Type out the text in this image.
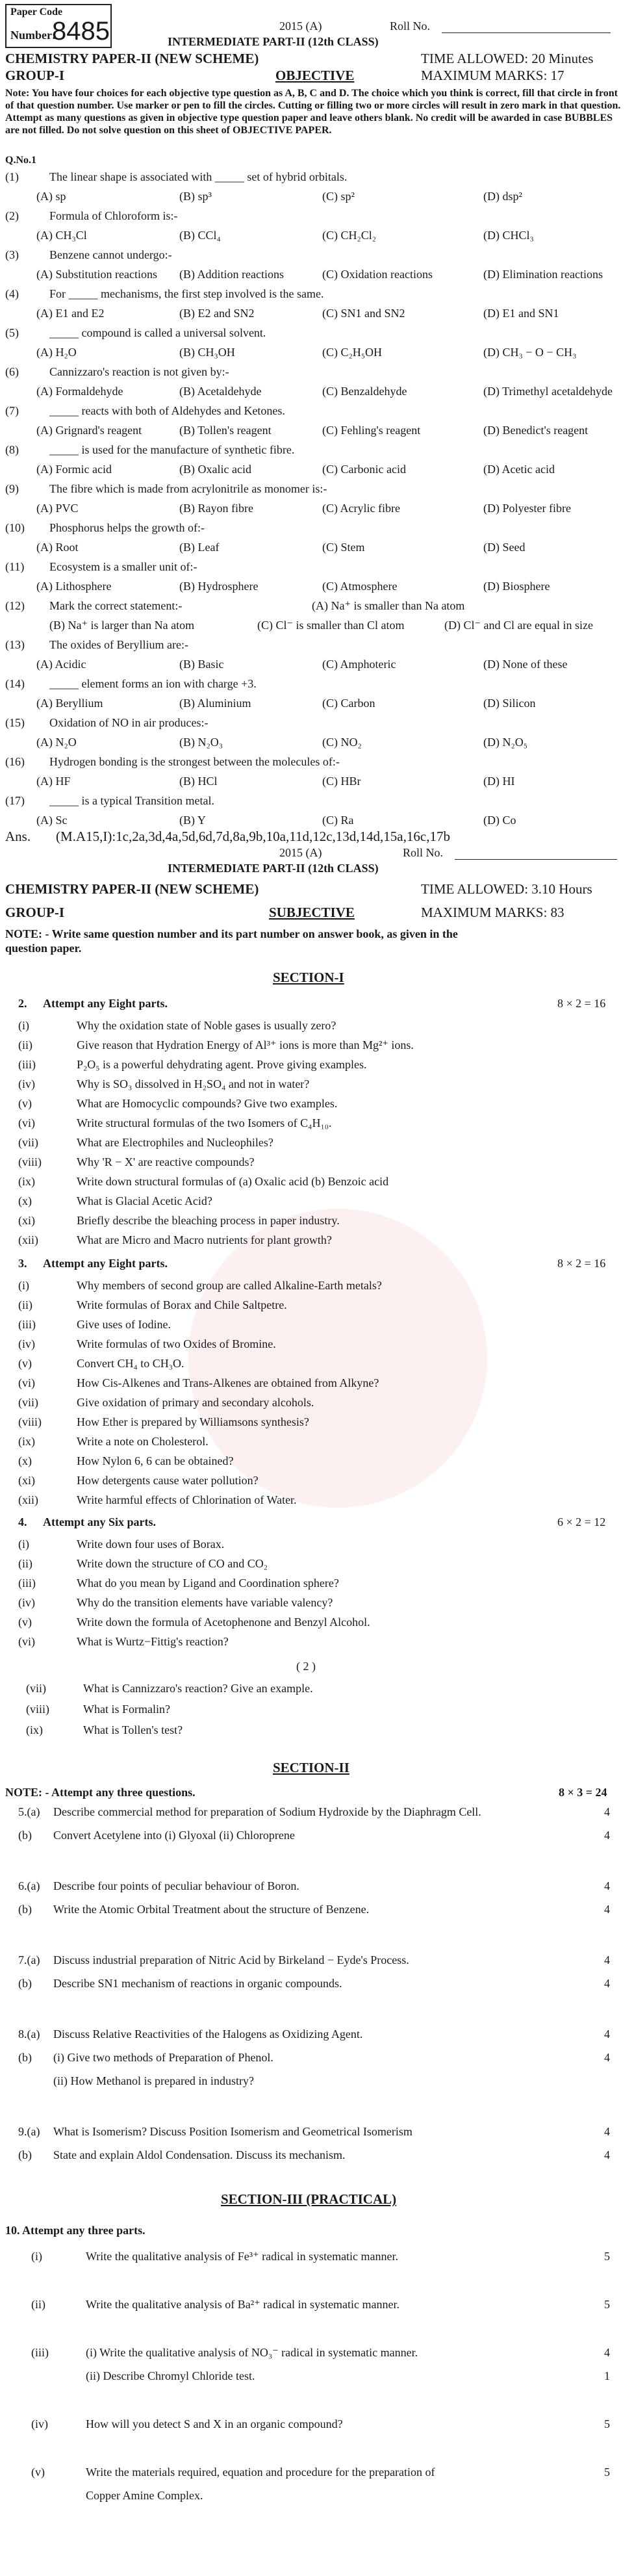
Paper Code
Number:
8485	2015 (A)	Roll No.
INTERMEDIATE PART-II (12th CLASS)
CHEMISTRY PAPER-II (NEW SCHEME)	TIME ALLOWED: 20 Minutes
GROUP-I	OBJECTIVE	MAXIMUM MARKS: 17
Note: You have four choices for each objective type question as A, B, C and D. The choice which you think is correct, fill that circle in front of that question number. Use marker or pen to fill the circles. Cutting or filling two or more circles will result in zero mark in that question. Attempt as many questions as given in objective type question paper and leave others blank. No credit will be awarded in case BUBBLES are not filled. Do not solve question on this sheet of OBJECTIVE PAPER.
Q.No.1
(1)	The linear shape is associated with _____ set of hybrid orbitals.
(A) sp	(B) sp³	(C) sp²	(D) dsp²
(2)	Formula of Chloroform is:-
(A) CH₃Cl	(B) CCl₄	(C) CH₂Cl₂	(D) CHCl₃
(3)	Benzene cannot undergo:-
(A) Substitution reactions (B) Addition reactions	(C) Oxidation reactions	(D) Elimination reactions
(4)	For _____ mechanisms, the first step involved is the same.
(A) E1 and E2	(B) E2 and SN2	(C) SN1 and SN2	(D) E1 and SN1
(5)	_____ compound is called a universal solvent.
(A) H₂O	(B) CH₃OH	(C) C₂H₅OH	(D) CH₃ − O − CH₃
(6)	Cannizzaro's reaction is not given by:-
(A) Formaldehyde	(B) Acetaldehyde	(C) Benzaldehyde	(D) Trimethyl acetaldehyde
(7)	_____ reacts with both of Aldehydes and Ketones.
(A) Grignard's reagent	(B) Tollen's reagent	(C) Fehling's reagent	(D) Benedict's reagent
(8)	_____ is used for the manufacture of synthetic fibre.
(A) Formic acid	(B) Oxalic acid	(C) Carbonic acid	(D) Acetic acid
(9)	The fibre which is made from acrylonitrile as monomer is:-
(A) PVC	(B) Rayon fibre	(C) Acrylic fibre	(D) Polyester fibre
(10) Phosphorus helps the growth of:-
(A) Root	(B) Leaf	(C) Stem	(D) Seed
(11) Ecosystem is a smaller unit of:-
(A) Lithosphere	(B) Hydrosphere	(C) Atmosphere	(D) Biosphere
(12) Mark the correct statement:-	(A) Na⁺ is smaller than Na atom
(B) Na⁺ is larger than Na atom	(C) Cl⁻ is smaller than Cl atom	(D) Cl⁻ and Cl are equal in size
(13) The oxides of Beryllium are:-
(A) Acidic	(B) Basic	(C) Amphoteric	(D) None of these
(14) _____ element forms an ion with charge +3.
(A) Beryllium	(B) Aluminium	(C) Carbon	(D) Silicon
(15) Oxidation of NO in air produces:-
(A) N₂O	(B) N₂O₃	(C) NO₂	(D) N₂O₅
(16) Hydrogen bonding is the strongest between the molecules of:-
(A) HF	(B) HCl	(C) HBr	(D) HI
(17) _____ is a typical Transition metal.
(A) Sc	(B) Y	(C) Ra	(D) Co
Ans. (M.A15,I):1c,2a,3d,4a,5d,6d,7d,8a,9b,10a,11d,12c,13d,14d,15a,16c,17b
2015 (A)	Roll No.
INTERMEDIATE PART-II (12th CLASS)
CHEMISTRY PAPER-II (NEW SCHEME)	TIME ALLOWED: 3.10 Hours
GROUP-I	SUBJECTIVE	MAXIMUM MARKS: 83
NOTE: - Write same question number and its part number on answer book, as given in the question paper.
SECTION-I
2. Attempt any Eight parts.	8 × 2 = 16
(i)	Why the oxidation state of Noble gases is usually zero?
(ii)	Give reason that Hydration Energy of Al³⁺ ions is more than Mg²⁺ ions.
(iii)	P₂O₅ is a powerful dehydrating agent. Prove giving examples.
(iv)	Why is SO₃ dissolved in H₂SO₄ and not in water?
(v)	What are Homocyclic compounds? Give two examples.
(vi)	Write structural formulas of the two Isomers of C₄H₁₀.
(vii)	What are Electrophiles and Nucleophiles?
(viii)	Why 'R − X' are reactive compounds?
(ix)	Write down structural formulas of (a) Oxalic acid (b) Benzoic acid
(x)	What is Glacial Acetic Acid?
(xi)	Briefly describe the bleaching process in paper industry.
(xii)	What are Micro and Macro nutrients for plant growth?
3. Attempt any Eight parts.	8 × 2 = 16
(i)	Why members of second group are called Alkaline-Earth metals?
(ii)	Write formulas of Borax and Chile Saltpetre.
(iii)	Give uses of Iodine.
(iv)	Write formulas of two Oxides of Bromine.
(v)	Convert CH₄ to CH₃O.
(vi)	How Cis-Alkenes and Trans-Alkenes are obtained from Alkyne?
(vii)	Give oxidation of primary and secondary alcohols.
(viii)	How Ether is prepared by Williamsons synthesis?
(ix)	Write a note on Cholesterol.
(x)	How Nylon 6, 6 can be obtained?
(xi)	How detergents cause water pollution?
(xii)	Write harmful effects of Chlorination of Water.
4. Attempt any Six parts.	6 × 2 = 12
(i)	Write down four uses of Borax.
(ii)	Write down the structure of CO and CO₂
(iii)	What do you mean by Ligand and Coordination sphere?
(iv)	Why do the transition elements have variable valency?
(v)	Write down the formula of Acetophenone and Benzyl Alcohol.
(vi)	What is Wurtz−Fittig's reaction?
( 2 )
(vii)	What is Cannizzaro's reaction? Give an example.
(viii)	What is Formalin?
(ix)	What is Tollen's test?
SECTION-II
NOTE: - Attempt any three questions.	8 × 3 = 24
5.(a) Describe commercial method for preparation of Sodium Hydroxide by the Diaphragm Cell.	4
(b) Convert Acetylene into (i) Glyoxal (ii) Chloroprene	4
6.(a) Describe four points of peculiar behaviour of Boron.	4
(b) Write the Atomic Orbital Treatment about the structure of Benzene.	4
7.(a) Discuss industrial preparation of Nitric Acid by Birkeland − Eyde's Process.	4
(b) Describe SN1 mechanism of reactions in organic compounds.	4
8.(a) Discuss Relative Reactivities of the Halogens as Oxidizing Agent.	4
(b) (i) Give two methods of Preparation of Phenol.	4
(ii) How Methanol is prepared in industry?
9.(a) What is Isomerism? Discuss Position Isomerism and Geometrical Isomerism	4
(b) State and explain Aldol Condensation. Discuss its mechanism.	4
SECTION-III (PRACTICAL)
10. Attempt any three parts.
(i)	Write the qualitative analysis of Fe³⁺ radical in systematic manner.	5
(ii)	Write the qualitative analysis of Ba²⁺ radical in systematic manner.	5
(iii)	(i) Write the qualitative analysis of NO₃⁻ radical in systematic manner.	4
(ii) Describe Chromyl Chloride test.	1
(iv)	How will you detect S and X in an organic compound?	5
(v)	Write the materials required, equation and procedure for the preparation of	5
Copper Amine Complex.
